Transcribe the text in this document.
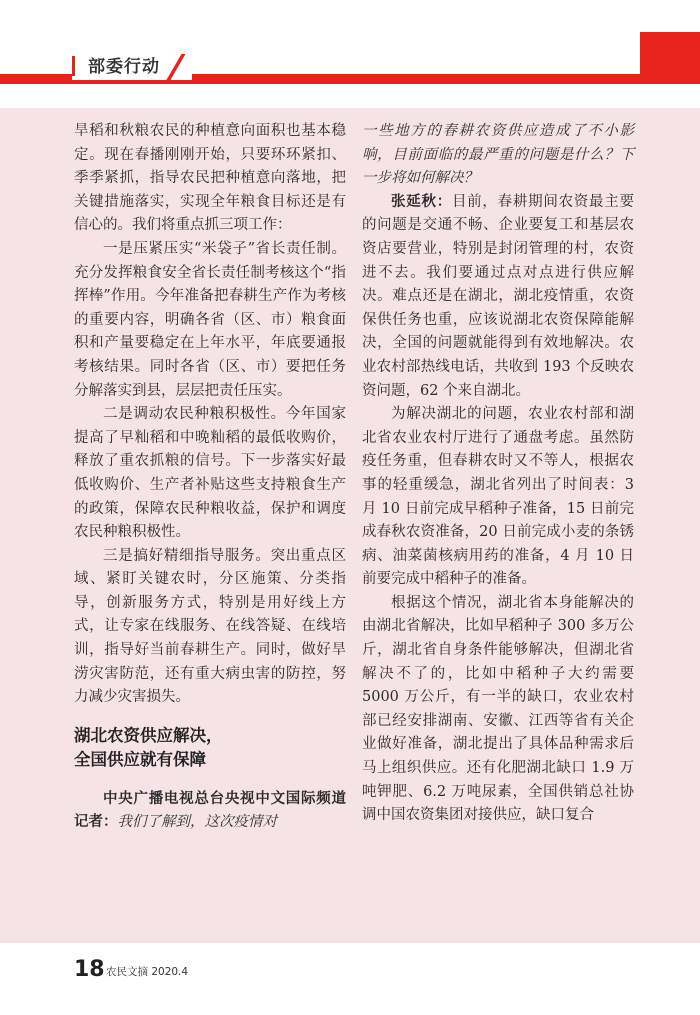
部委行动

旱稻和秋粮农民的种植意向面积也基本稳定。现在春播刚刚开始，只要环环紧扣、季季紧抓，指导农民把种植意向落地，把关键措施落实，实现全年粮食目标还是有信心的。我们将重点抓三项工作：

一是压紧压实“米袋子”省长责任制。充分发挥粮食安全省长责任制考核这个“指挥棒”作用。今年准备把春耕生产作为考核的重要内容，明确各省（区、市）粮食面积和产量要稳定在上年水平，年底要通报考核结果。同时各省（区、市）要把任务分解落实到县，层层把责任压实。

二是调动农民种粮积极性。今年国家提高了早籼稻和中晚籼稻的最低收购价，释放了重农抓粮的信号。下一步落实好最低收购价、生产者补贴这些支持粮食生产的政策，保障农民种粮收益，保护和调度农民种粮积极性。

三是搞好精细指导服务。突出重点区域、紧盯关键农时，分区施策、分类指导，创新服务方式，特别是用好线上方式，让专家在线服务、在线答疑、在线培训，指导好当前春耕生产。同时，做好旱涝灾害防范，还有重大病虫害的防控，努力减少灾害损失。

湖北农资供应解决，
全国供应就有保障

中央广播电视总台央视中文国际频道记者：我们了解到，这次疫情对

一些地方的春耕农资供应造成了不小影响，目前面临的最严重的问题是什么？下一步将如何解决？

张延秋：目前，春耕期间农资最主要的问题是交通不畅、企业要复工和基层农资店要营业，特别是封闭管理的村，农资进不去。我们要通过点对点进行供应解决。难点还是在湖北，湖北疫情重，农资保供任务也重，应该说湖北农资保障能解决，全国的问题就能得到有效地解决。农业农村部热线电话，共收到 193 个反映农资问题，62 个来自湖北。

为解决湖北的问题，农业农村部和湖北省农业农村厅进行了通盘考虑。虽然防疫任务重，但春耕农时又不等人，根据农事的轻重缓急，湖北省列出了时间表：3 月 10 日前完成早稻种子准备，15 日前完成春秋农资准备，20 日前完成小麦的条锈病、油菜菌核病用药的准备，4 月 10 日前要完成中稻种子的准备。

根据这个情况，湖北省本身能解决的由湖北省解决，比如早稻种子 300 多万公斤，湖北省自身条件能够解决，但湖北省解决不了的，比如中稻种子大约需要 5000 万公斤，有一半的缺口，农业农村部已经安排湖南、安徽、江西等省有关企业做好准备，湖北提出了具体品种需求后马上组织供应。还有化肥湖北缺口 1.9 万吨钾肥、6.2 万吨尿素，全国供销总社协调中国农资集团对接供应，缺口复合

18 农民文摘 2020.4
